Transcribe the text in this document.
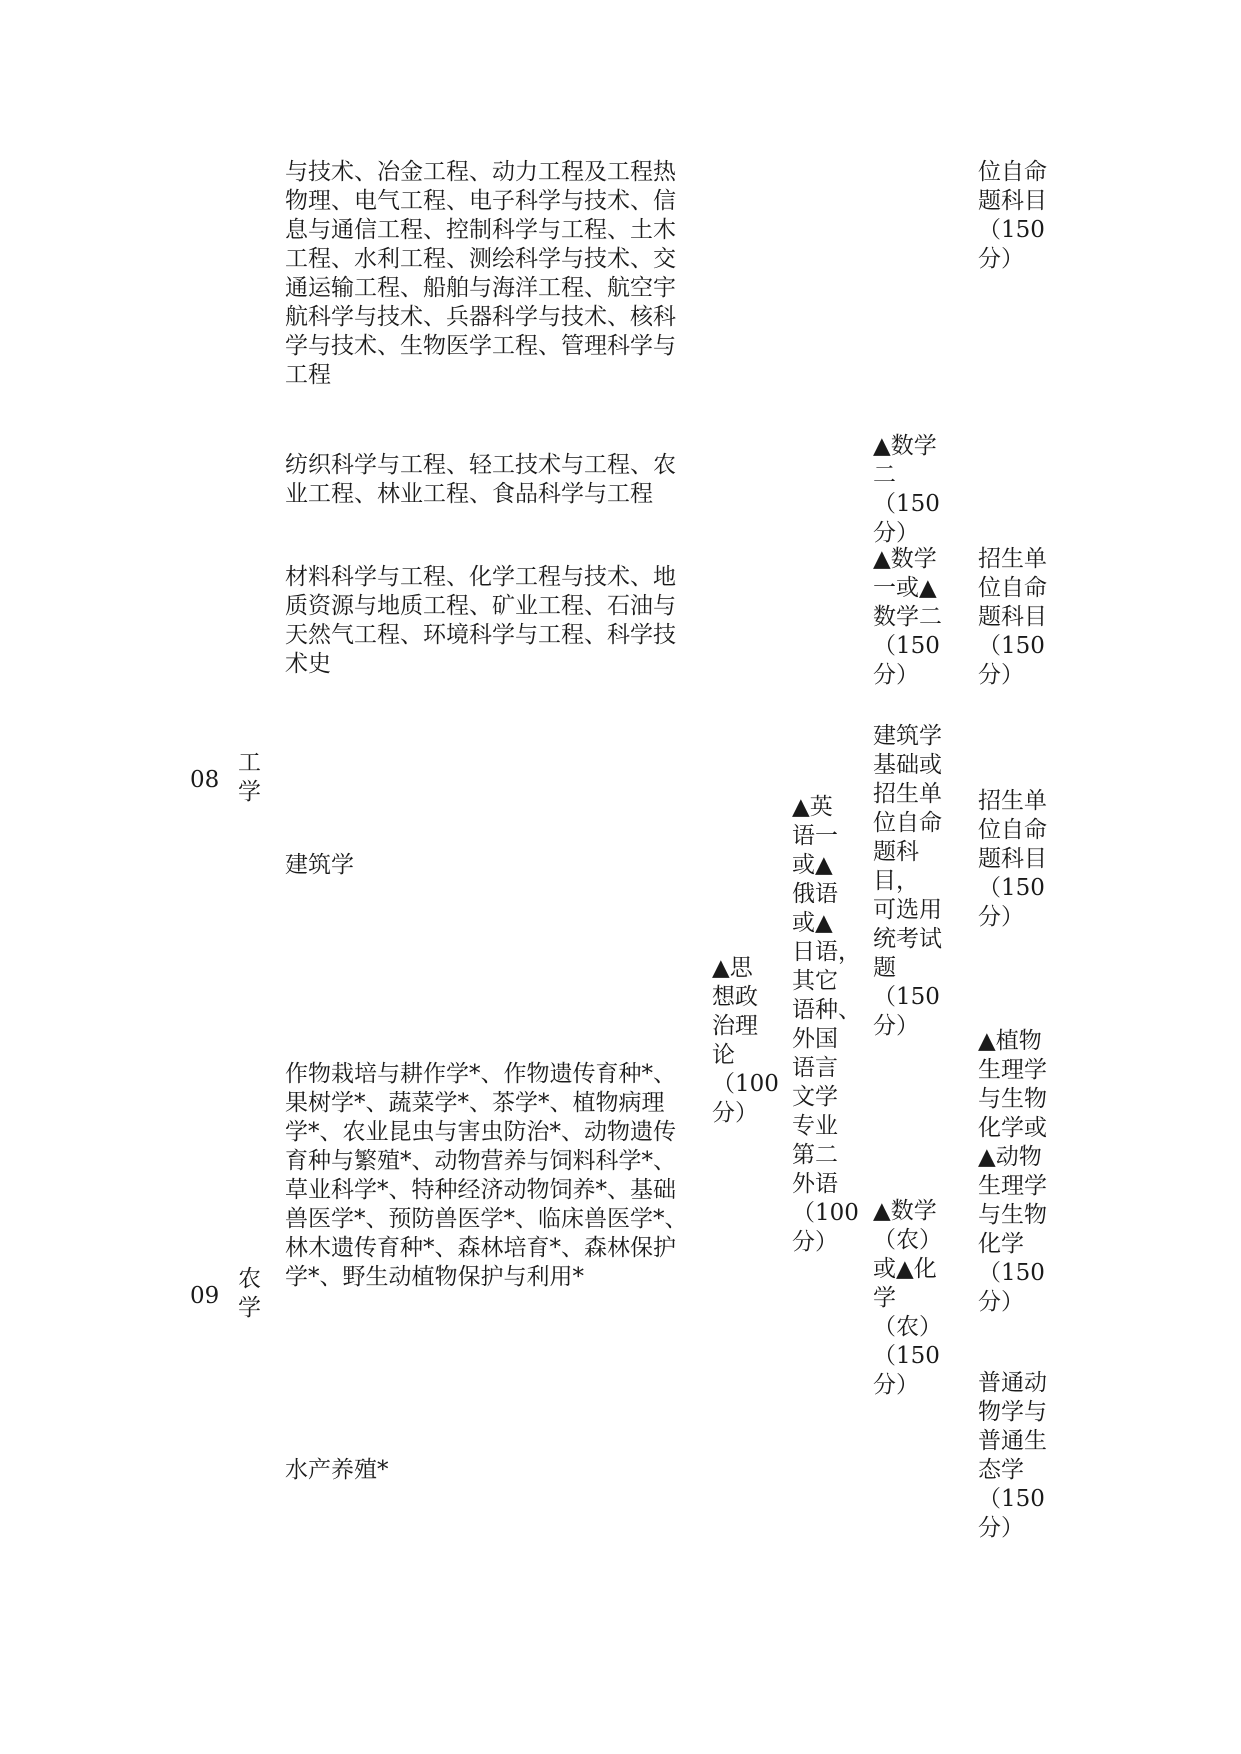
与技术、冶金工程、动力工程及工程热
物理、电气工程、电子科学与技术、信
息与通信工程、控制科学与工程、土木
工程、水利工程、测绘科学与技术、交
通运输工程、船舶与海洋工程、航空宇
航科学与技术、兵器科学与技术、核科
学与技术、生物医学工程、管理科学与
工程

位自命
题科目
（150
分）

纺织科学与工程、轻工技术与工程、农
业工程、林业工程、食品科学与工程

▲数学
二（150
分）

材料科学与工程、化学工程与技术、地
质资源与地质工程、矿业工程、石油与
天然气工程、环境科学与工程、科学技
术史

▲数学
一或▲
数学二
（150
分）

招生单
位自命
题科目
（150
分）

08

工
学

建筑学

建筑学
基础或
招生单
位自命
题科目，
可选用
统考试
题（150
分）

招生单
位自命
题科目
（150
分）

▲思
想政
治理
论
（100
分）

▲英
语一
或▲
俄语
或▲
日语，
其它
语种、
外国
语言
文学
专业
第二
外语
（100
分）

09

农
学

作物栽培与耕作学*、作物遗传育种*、
果树学*、蔬菜学*、茶学*、植物病理
学*、农业昆虫与害虫防治*、动物遗传
育种与繁殖*、动物营养与饲料科学*、
草业科学*、特种经济动物饲养*、基础
兽医学*、预防兽医学*、临床兽医学*、
林木遗传育种*、森林培育*、森林保护
学*、野生动植物保护与利用*

▲数学
（农）
或▲化
学（农）
（150
分）

▲植物
生理学
与生物
化学或
▲动物
生理学
与生物
化学
（150
分）

水产养殖*

普通动
物学与
普通生
态学
（150
分）
